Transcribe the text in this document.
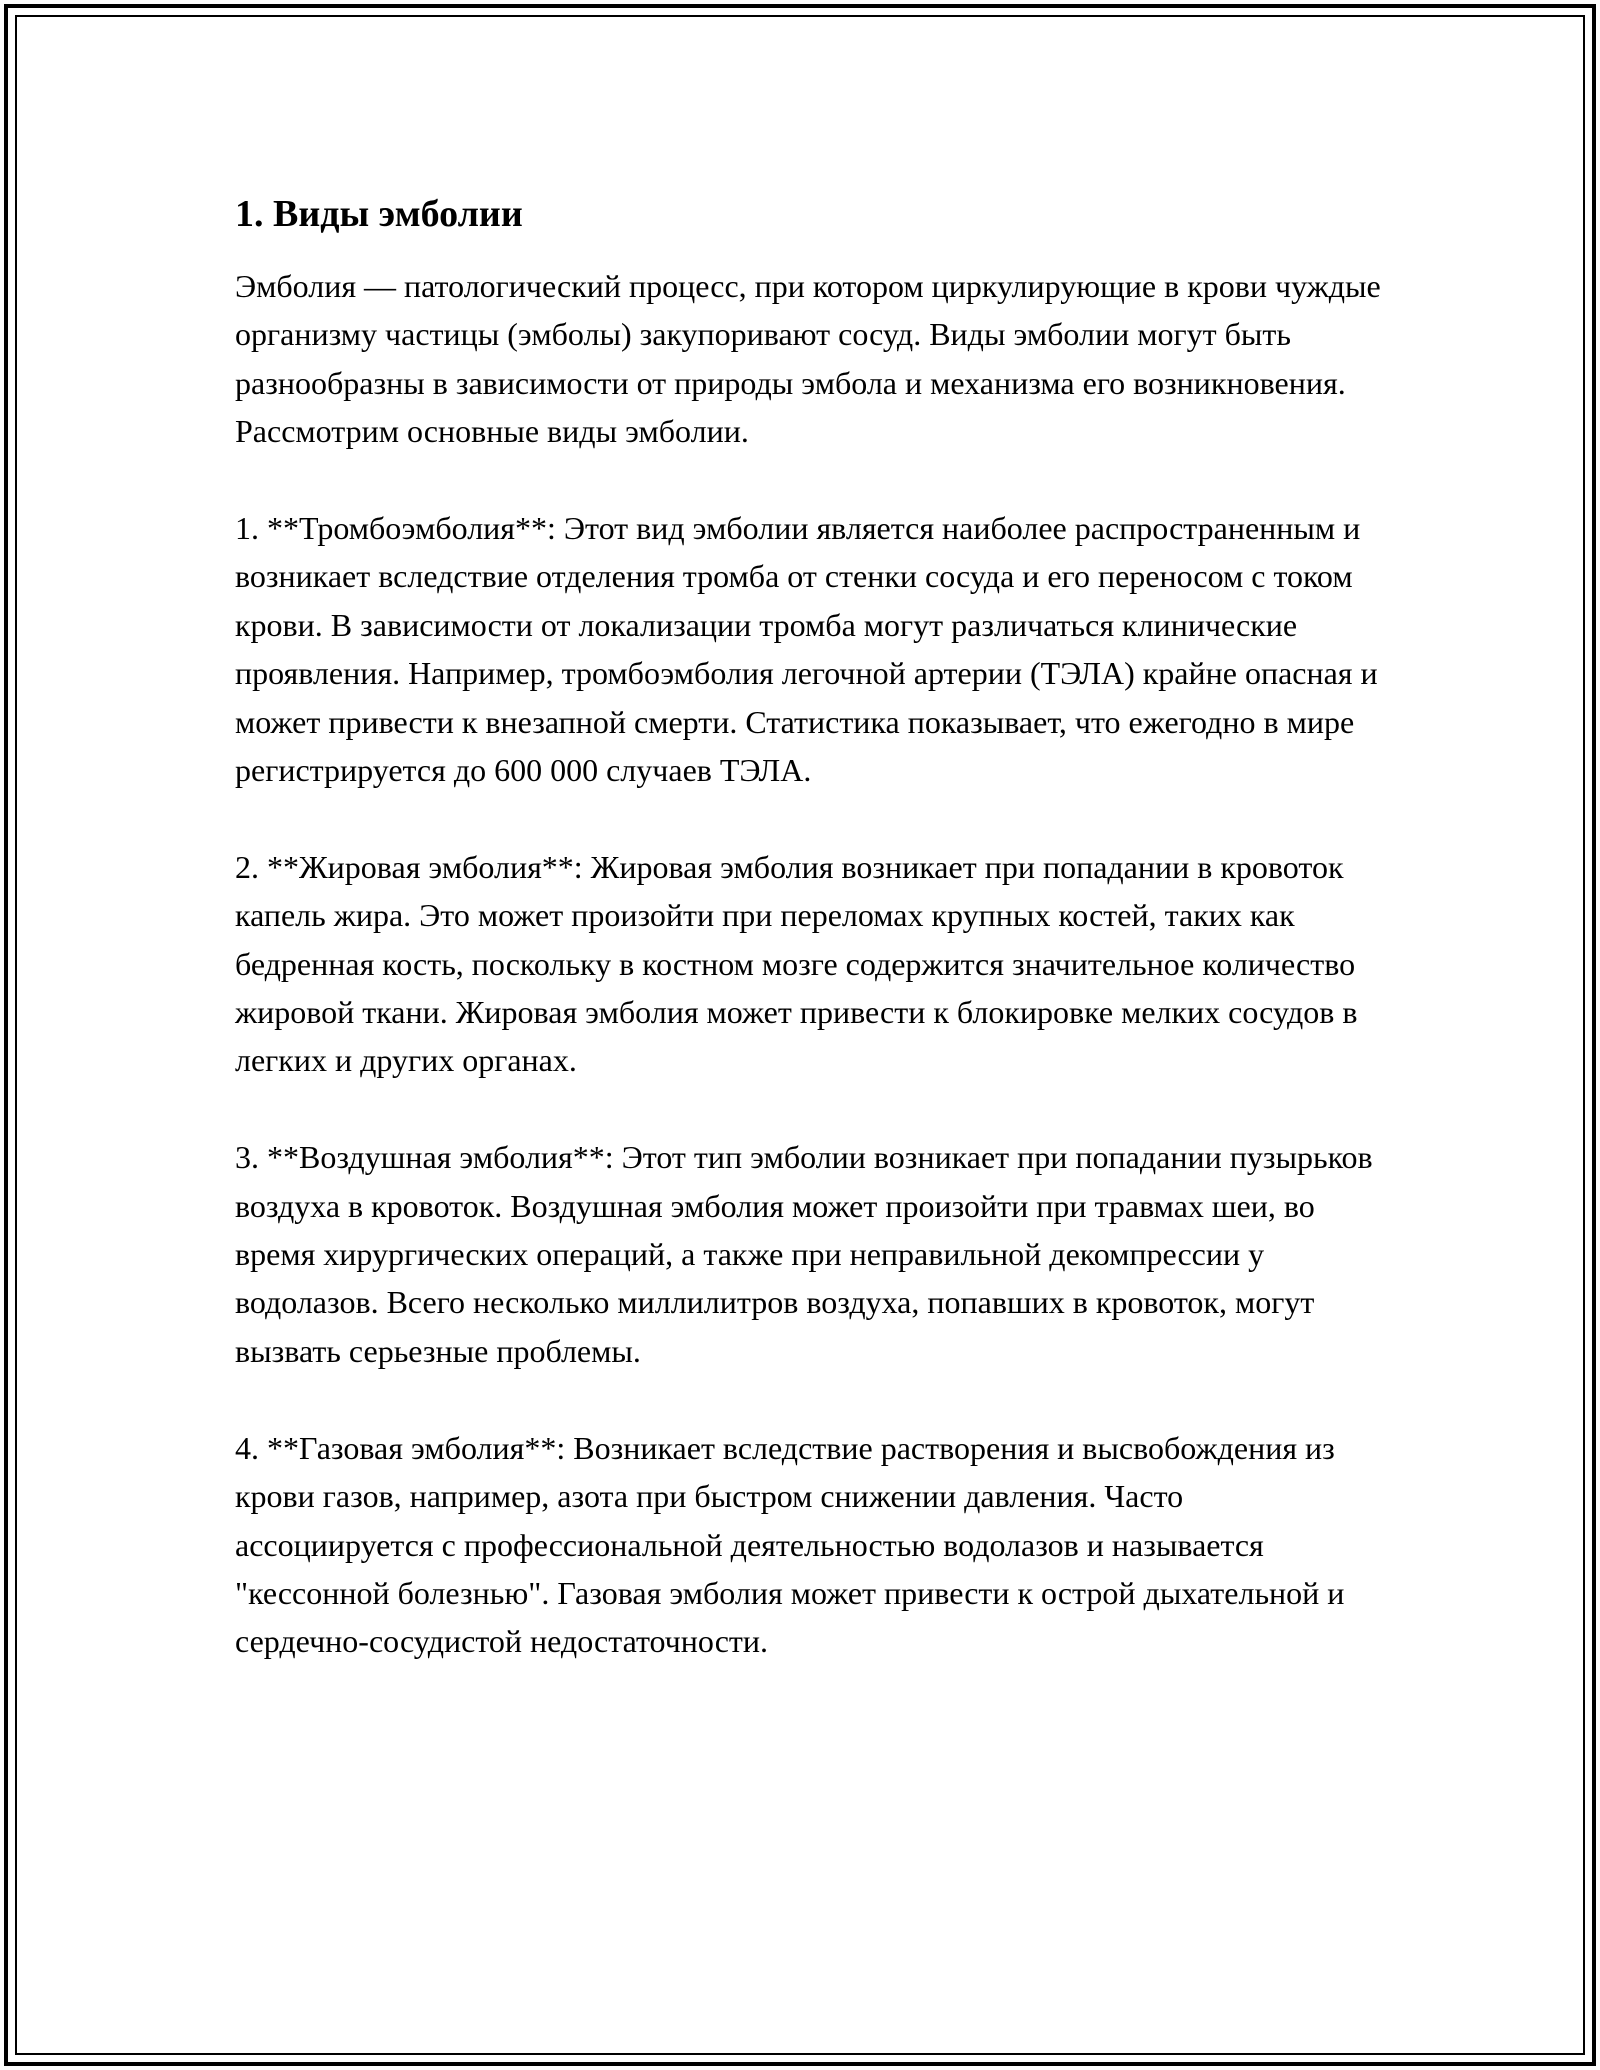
1. Виды эмболии

Эмболия — патологический процесс, при котором циркулирующие в крови чуждые организму частицы (эмболы) закупоривают сосуд. Виды эмболии могут быть разнообразны в зависимости от природы эмбола и механизма его возникновения. Рассмотрим основные виды эмболии.

1. **Тромбоэмболия**: Этот вид эмболии является наиболее распространенным и возникает вследствие отделения тромба от стенки сосуда и его переносом с током крови. В зависимости от локализации тромба могут различаться клинические проявления. Например, тромбоэмболия легочной артерии (ТЭЛА) крайне опасная и может привести к внезапной смерти. Статистика показывает, что ежегодно в мире регистрируется до 600 000 случаев ТЭЛА.

2. **Жировая эмболия**: Жировая эмболия возникает при попадании в кровоток капель жира. Это может произойти при переломах крупных костей, таких как бедренная кость, поскольку в костном мозге содержится значительное количество жировой ткани. Жировая эмболия может привести к блокировке мелких сосудов в легких и других органах.

3. **Воздушная эмболия**: Этот тип эмболии возникает при попадании пузырьков воздуха в кровоток. Воздушная эмболия может произойти при травмах шеи, во время хирургических операций, а также при неправильной декомпрессии у водолазов. Всего несколько миллилитров воздуха, попавших в кровоток, могут вызвать серьезные проблемы.

4. **Газовая эмболия**: Возникает вследствие растворения и высвобождения из крови газов, например, азота при быстром снижении давления. Часто ассоциируется с профессиональной деятельностью водолазов и называется "кессонной болезнью". Газовая эмболия может привести к острой дыхательной и сердечно-сосудистой недостаточности.
